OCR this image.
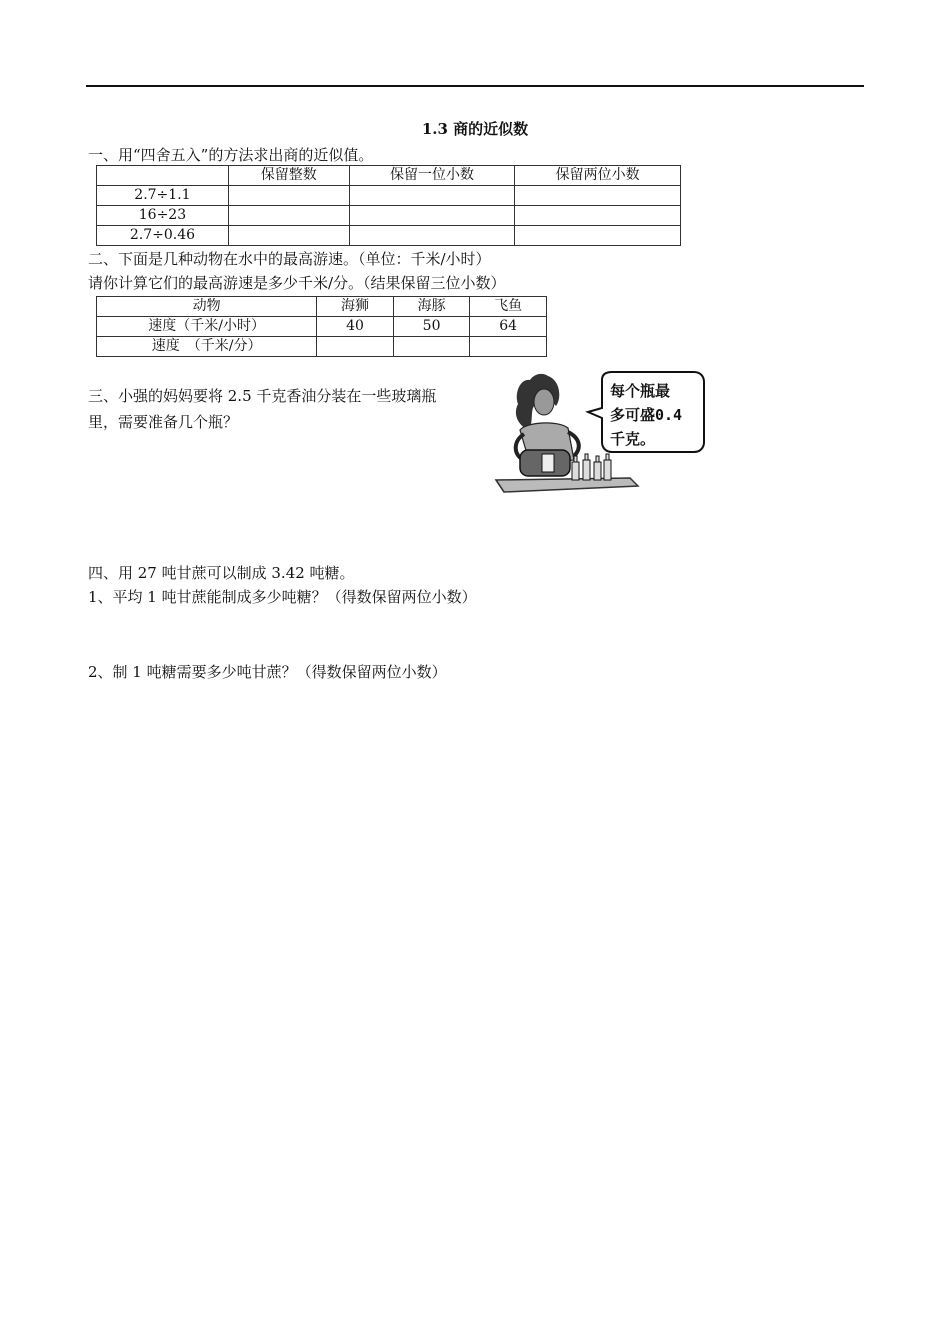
1.3 商的近似数
一、用“四舍五入”的方法求出商的近似值。
	保留整数	保留一位小数	保留两位小数
2.7÷1.1			
16÷23			
2.7÷0.46			
二、下面是几种动物在水中的最高游速。（单位：千米/小时）
请你计算它们的最高游速是多少千米/分。（结果保留三位小数）
动物	海狮	海豚	飞鱼
速度（千米/小时）	40	50	64
速度　（千米/分）			
三、小强的妈妈要将 2.5 千克香油分装在一些玻璃瓶
里，需要准备几个瓶？
每个瓶最
多可盛0.4
千克。
四、用 27 吨甘蔗可以制成 3.42 吨糖。
1、平均 1 吨甘蔗能制成多少吨糖？（得数保留两位小数）
2、制 1 吨糖需要多少吨甘蔗？（得数保留两位小数）
